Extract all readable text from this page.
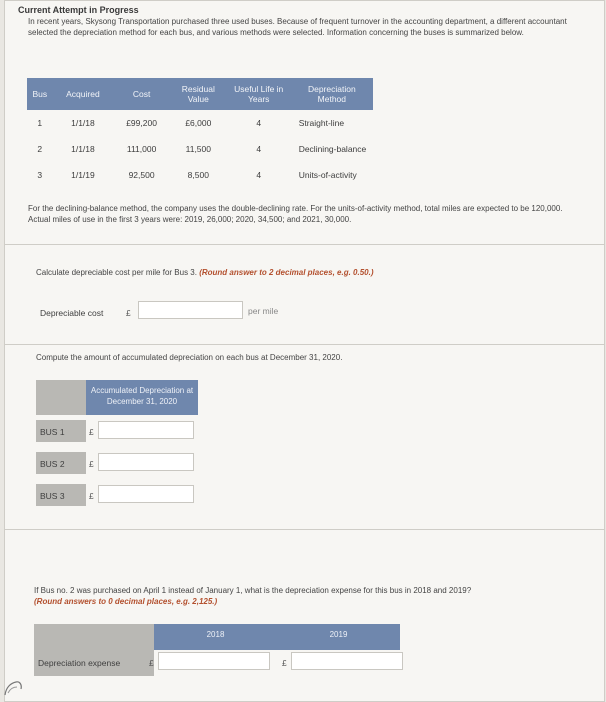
Current Attempt in Progress
In recent years, Skysong Transportation purchased three used buses. Because of frequent turnover in the accounting department, a different accountant selected the depreciation method for each bus, and various methods were selected. Information concerning the buses is summarized below.
Bus	Acquired	Cost	Residual Value	Useful Life in Years	Depreciation Method
1	1/1/18	£99,200	£6,000	4	Straight-line
2	1/1/18	111,000	11,500	4	Declining-balance
3	1/1/19	92,500	8,500	4	Units-of-activity
For the declining-balance method, the company uses the double-declining rate. For the units-of-activity method, total miles are expected to be 120,000. Actual miles of use in the first 3 years were: 2019, 26,000; 2020, 34,500; and 2021, 30,000.
Calculate depreciable cost per mile for Bus 3. (Round answer to 2 decimal places, e.g. 0.50.)
Depreciable cost	£	per mile
Compute the amount of accumulated depreciation on each bus at December 31, 2020.
Accumulated Depreciation at December 31, 2020
BUS 1	£
BUS 2	£
BUS 3	£
If Bus no. 2 was purchased on April 1 instead of January 1, what is the depreciation expense for this bus in 2018 and 2019?
(Round answers to 0 decimal places, e.g. 2,125.)
2018	2019
Depreciation expense	£	£
